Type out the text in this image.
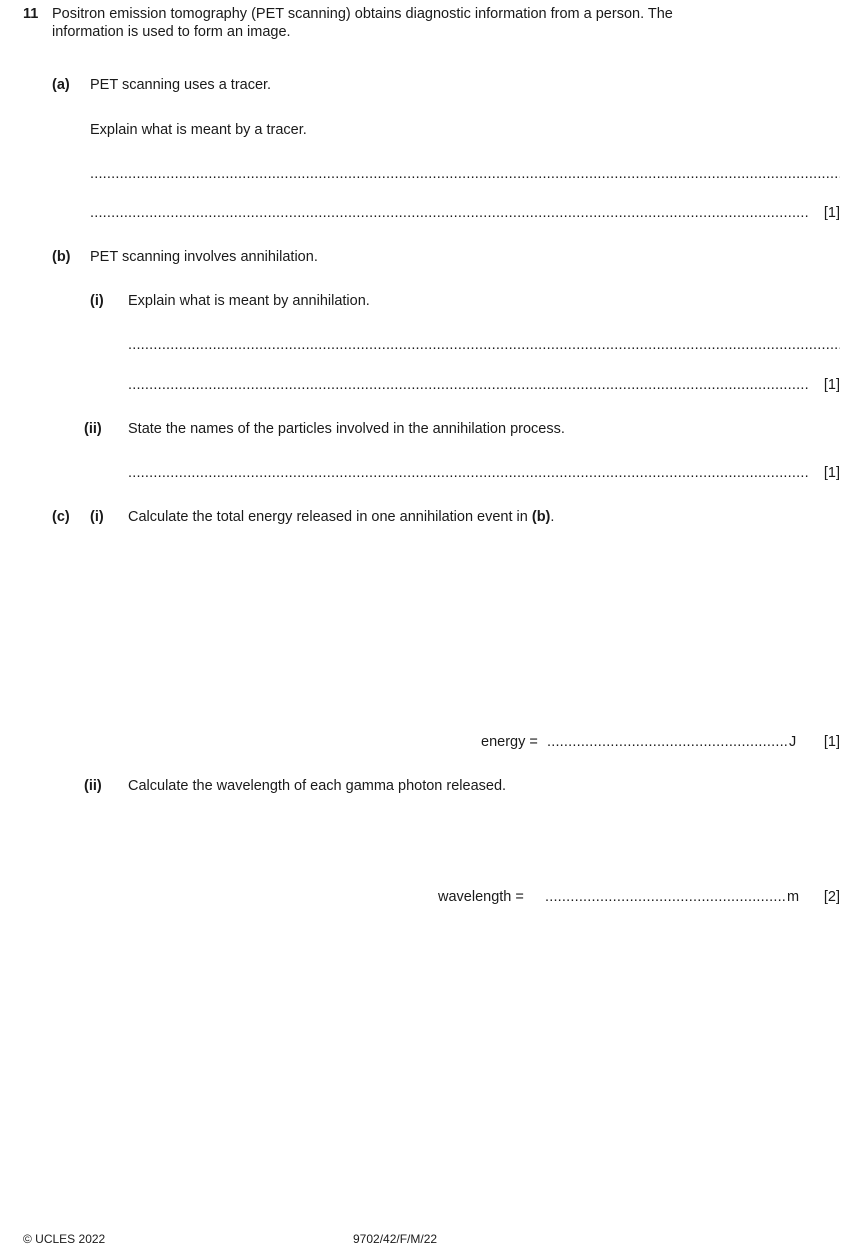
11 Positron emission tomography (PET scanning) obtains diagnostic information from a person. The
information is used to form an image.
(a) PET scanning uses a tracer.
Explain what is meant by a tracer.
.....
.....
[1]
(b) PET scanning involves annihilation.
(i) Explain what is meant by annihilation.
.....
.....
[1]
(ii) State the names of the particles involved in the annihilation process.
.....
[1]
(c) (i) Calculate the total energy released in one annihilation event in (b).
energy = .....	J	[1]
(ii) Calculate the wavelength of each gamma photon released.
wavelength = .....	m	[2]
© UCLES 2022	9702/42/F/M/22
